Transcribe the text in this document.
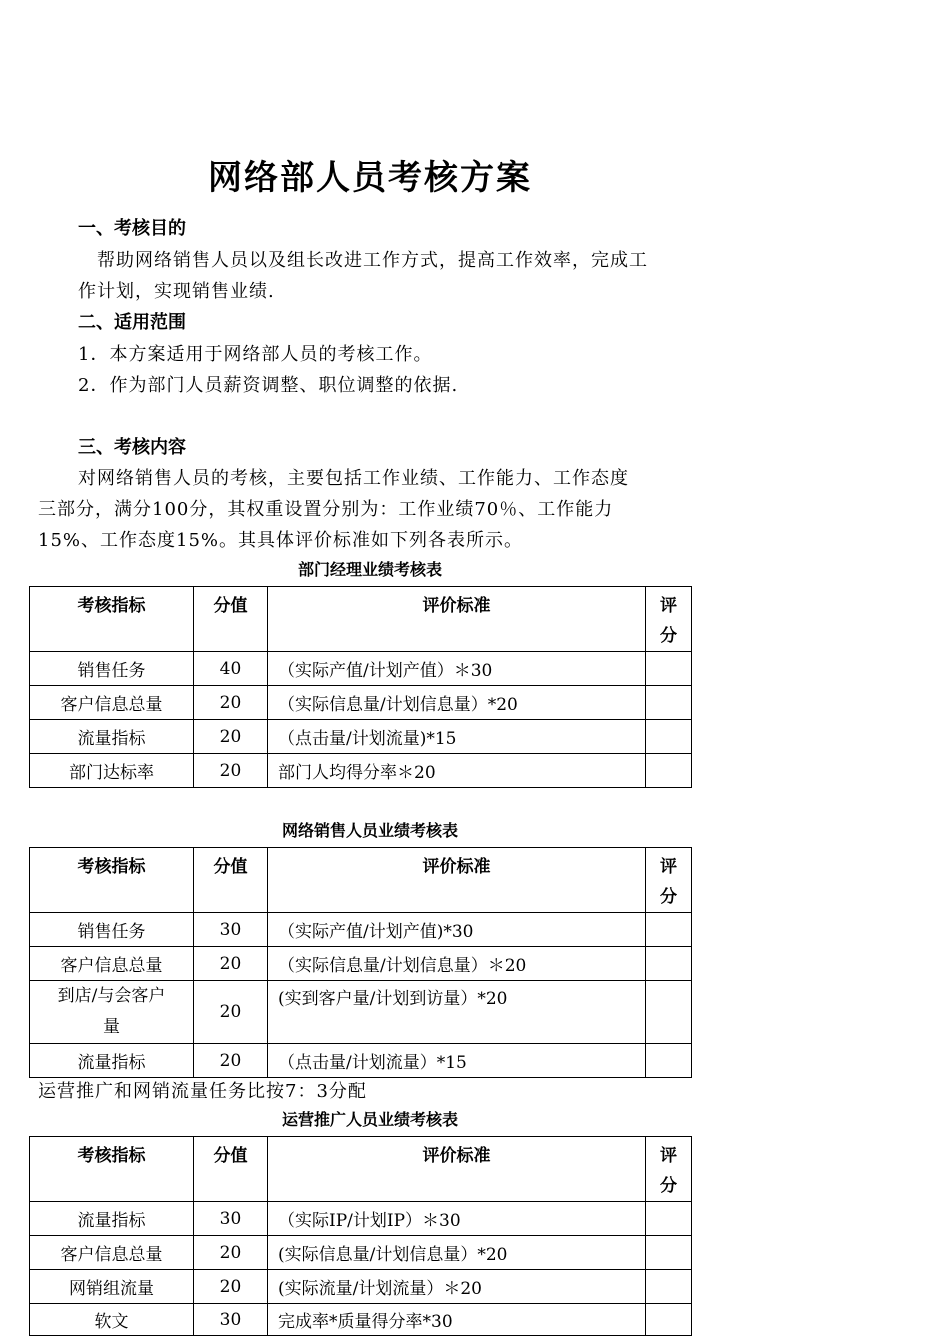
网络部人员考核方案
一、考核目的
帮助网络销售人员以及组长改进工作方式，提高工作效率，完成工
作计划，实现销售业绩.
二、适用范围
1．本方案适用于网络部人员的考核工作。
2．作为部门人员薪资调整、职位调整的依据.
三、考核内容
对网络销售人员的考核，主要包括工作业绩、工作能力、工作态度
三部分，满分100分，其权重设置分别为：工作业绩70％、工作能力
15%、工作态度15%。其具体评价标准如下列各表所示。
部门经理业绩考核表
考核指标	分值	评价标准	评
分
销售任务	40	（实际产值/计划产值）＊30	
客户信息总量	20	（实际信息量/计划信息量）*20	
流量指标	20	（点击量/计划流量)*15	
部门达标率	20	部门人均得分率＊20	
网络销售人员业绩考核表
考核指标	分值	评价标准	评
分
销售任务	30	（实际产值/计划产值)*30	
客户信息总量	20	（实际信息量/计划信息量）＊20	
到店/与会客户
量	20	(实到客户量/计划到访量）*20	
流量指标	20	（点击量/计划流量）*15	
运营推广和网销流量任务比按7：3分配
运营推广人员业绩考核表
考核指标	分值	评价标准	评
分
流量指标	30	（实际IP/计划IP）＊30	
客户信息总量	20	(实际信息量/计划信息量）*20	
网销组流量	20	(实际流量/计划流量）＊20	
软文	30	完成率*质量得分率*30	
